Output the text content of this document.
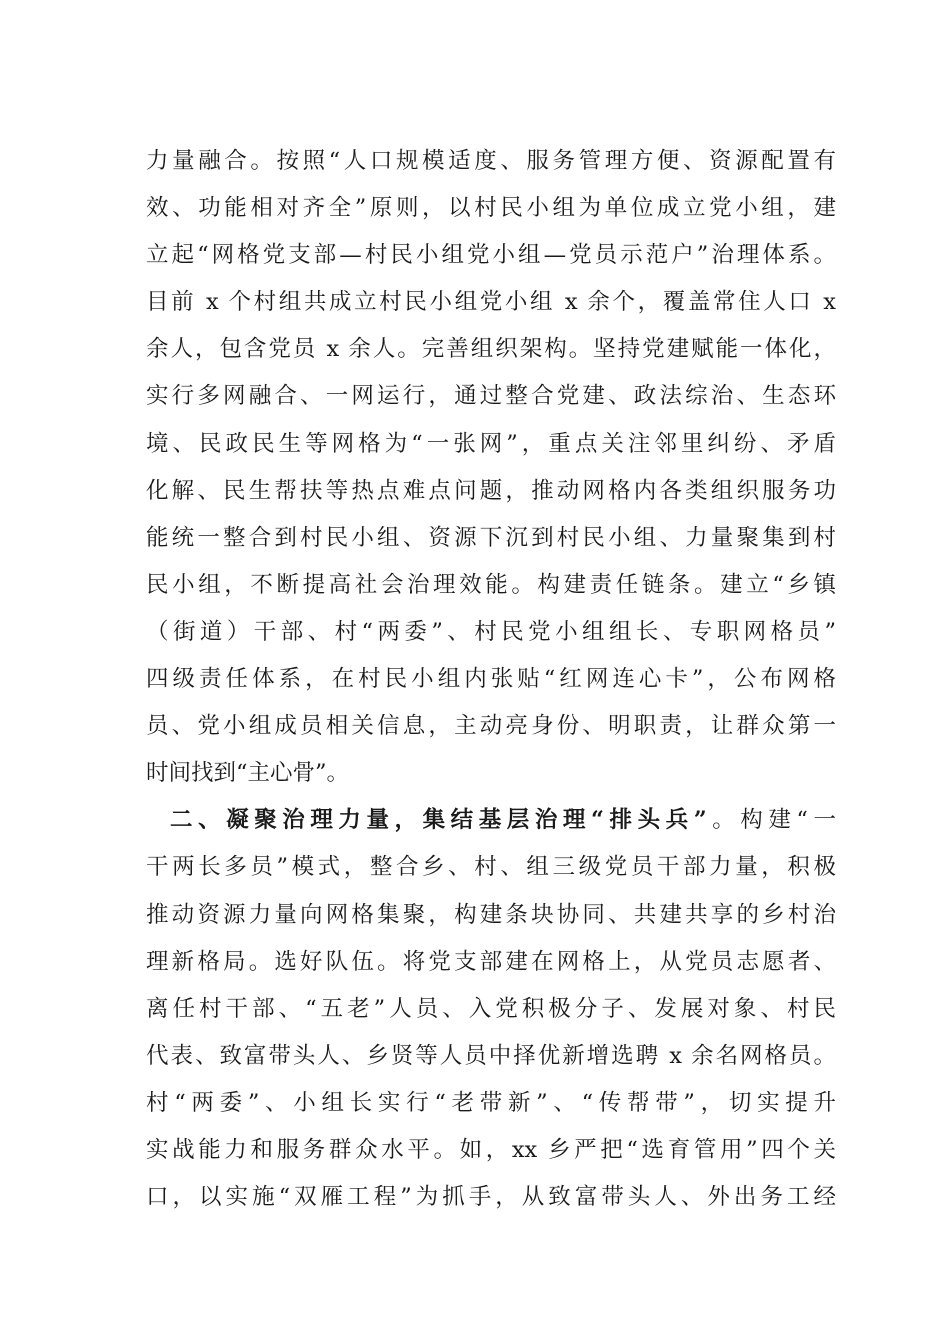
力量融合。按照“人口规模适度、服务管理方便、资源配置有
效、功能相对齐全”原则，以村民小组为单位成立党小组，建
立起“网格党支部—村民小组党小组—党员示范户”治理体系。
目前 x 个村组共成立村民小组党小组 x 余个，覆盖常住人口 x
余人，包含党员 x 余人。完善组织架构。坚持党建赋能一体化，
实行多网融合、一网运行，通过整合党建、政法综治、生态环
境、民政民生等网格为“一张网”，重点关注邻里纠纷、矛盾
化解、民生帮扶等热点难点问题，推动网格内各类组织服务功
能统一整合到村民小组、资源下沉到村民小组、力量聚集到村
民小组，不断提高社会治理效能。构建责任链条。建立“乡镇
（街道）干部、村“两委”、村民党小组组长、专职网格员”
四级责任体系，在村民小组内张贴“红网连心卡”，公布网格
员、党小组成员相关信息，主动亮身份、明职责，让群众第一
时间找到“主心骨”。
二、凝聚治理力量，集结基层治理“排头兵”。构建“一
干两长多员”模式，整合乡、村、组三级党员干部力量，积极
推动资源力量向网格集聚，构建条块协同、共建共享的乡村治
理新格局。选好队伍。将党支部建在网格上，从党员志愿者、
离任村干部、“五老”人员、入党积极分子、发展对象、村民
代表、致富带头人、乡贤等人员中择优新增选聘 x 余名网格员。
村“两委”、小组长实行“老带新”、“传帮带”，切实提升
实战能力和服务群众水平。如，xx 乡严把“选育管用”四个关
口，以实施“双雁工程”为抓手，从致富带头人、外出务工经
